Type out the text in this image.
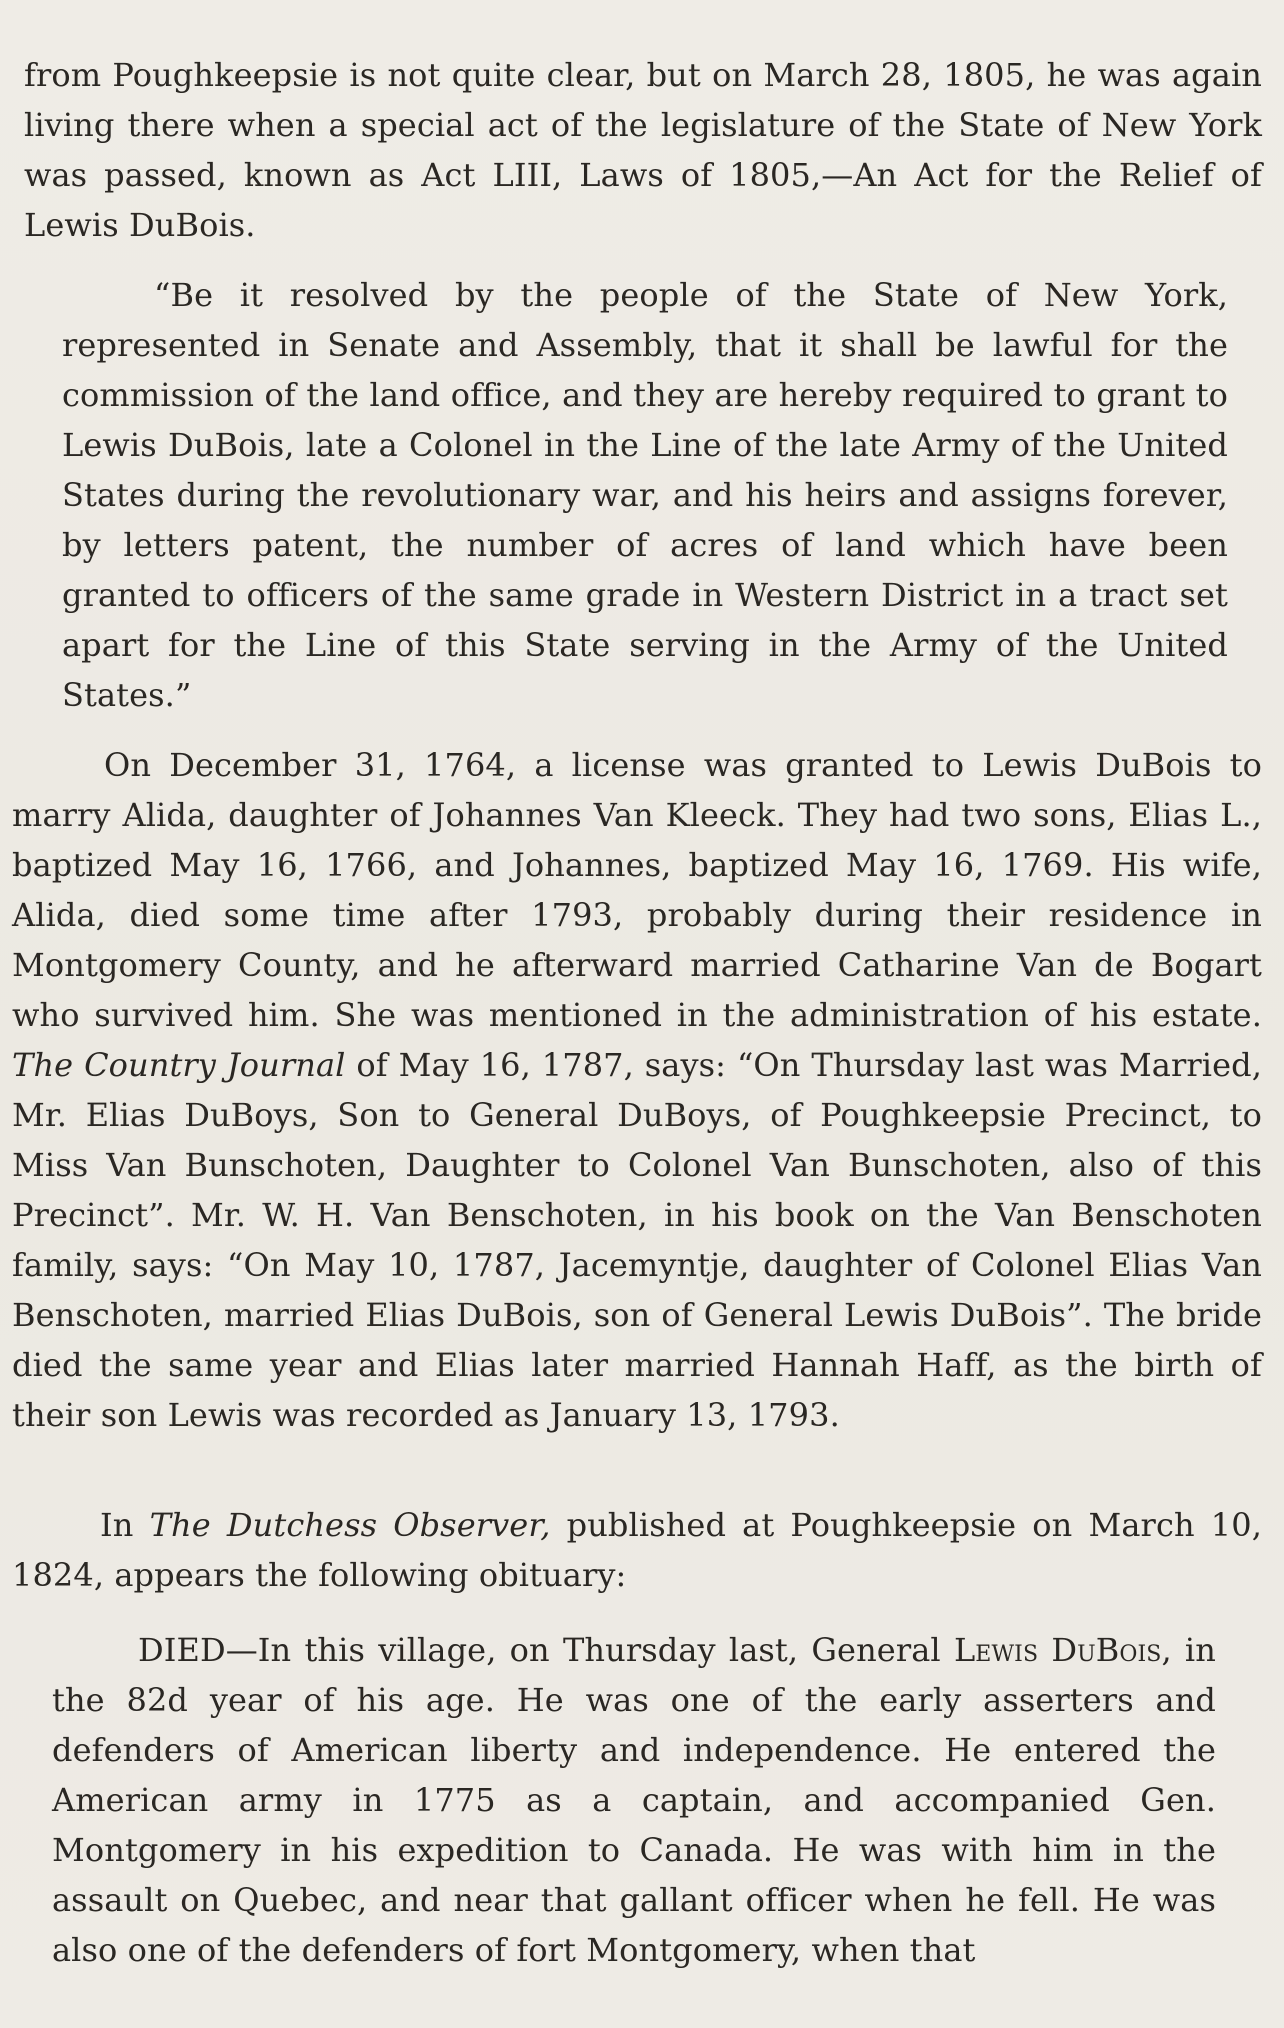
from Poughkeepsie is not quite clear, but on March 28, 1805, he was again living there when a special act of the legislature of the State of New York was passed, known as Act LIII, Laws of 1805,—An Act for the Relief of Lewis DuBois.

“Be it resolved by the people of the State of New York, represented in Senate and Assembly, that it shall be lawful for the commission of the land office, and they are hereby required to grant to Lewis DuBois, late a Colonel in the Line of the late Army of the United States during the revolutionary war, and his heirs and assigns forever, by letters patent, the number of acres of land which have been granted to officers of the same grade in Western District in a tract set apart for the Line of this State serving in the Army of the United States.”

On December 31, 1764, a license was granted to Lewis DuBois to marry Alida, daughter of Johannes Van Kleeck. They had two sons, Elias L., baptized May 16, 1766, and Johannes, baptized May 16, 1769. His wife, Alida, died some time after 1793, probably during their residence in Montgomery County, and he afterward married Catharine Van de Bogart who survived him. She was mentioned in the administration of his estate. The Country Journal of May 16, 1787, says: “On Thursday last was Married, Mr. Elias DuBoys, Son to General DuBoys, of Poughkeepsie Precinct, to Miss Van Bunschoten, Daughter to Colonel Van Bunschoten, also of this Precinct”. Mr. W. H. Van Benschoten, in his book on the Van Benschoten family, says: “On May 10, 1787, Jacemyntje, daughter of Colonel Elias Van Benschoten, married Elias DuBois, son of General Lewis DuBois”. The bride died the same year and Elias later married Hannah Haff, as the birth of their son Lewis was recorded as January 13, 1793.

In The Dutchess Observer, published at Poughkeepsie on March 10, 1824, appears the following obituary:

DIED—In this village, on Thursday last, General Lewis DuBois, in the 82d year of his age. He was one of the early asserters and defenders of American liberty and independence. He entered the American army in 1775 as a captain, and accompanied Gen. Montgomery in his expedition to Canada. He was with him in the assault on Quebec, and near that gallant officer when he fell. He was also one of the defenders of fort Montgomery, when that
